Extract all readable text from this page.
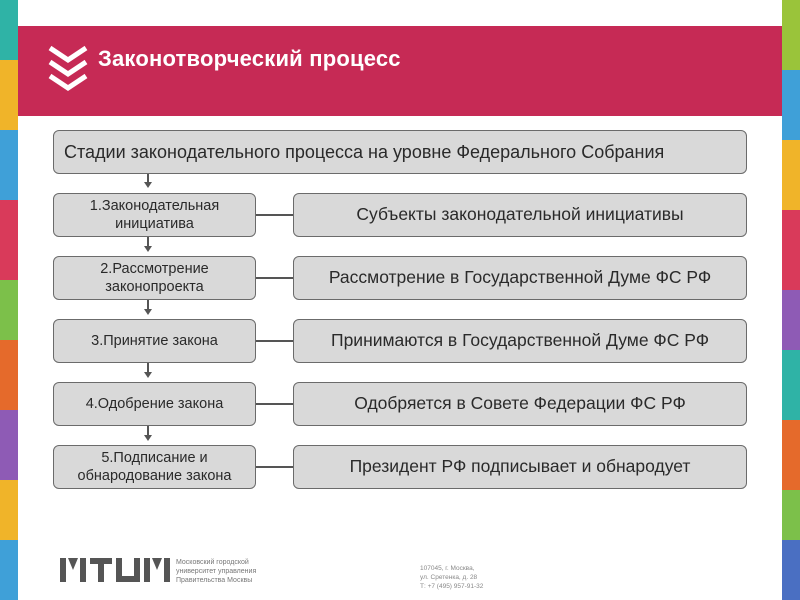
Законотворческий процесс
Стадии законодательного процесса на уровне Федерального Собрания
1.Законодательная инициатива
2.Рассмотрение законопроекта
3.Принятие закона
4.Одобрение закона
5.Подписание и обнародование закона
Субъекты законодательной инициативы
Рассмотрение в Государственной Думе ФС РФ
Принимаются в Государственной Думе ФС РФ
Одобряется в Совете Федерации ФС РФ
Президент РФ подписывает и обнародует
Московский городской
университет управления
Правительства Москвы
107045, г. Москва,
ул. Сретенка, д. 28
Т: +7 (495) 957-91-32
